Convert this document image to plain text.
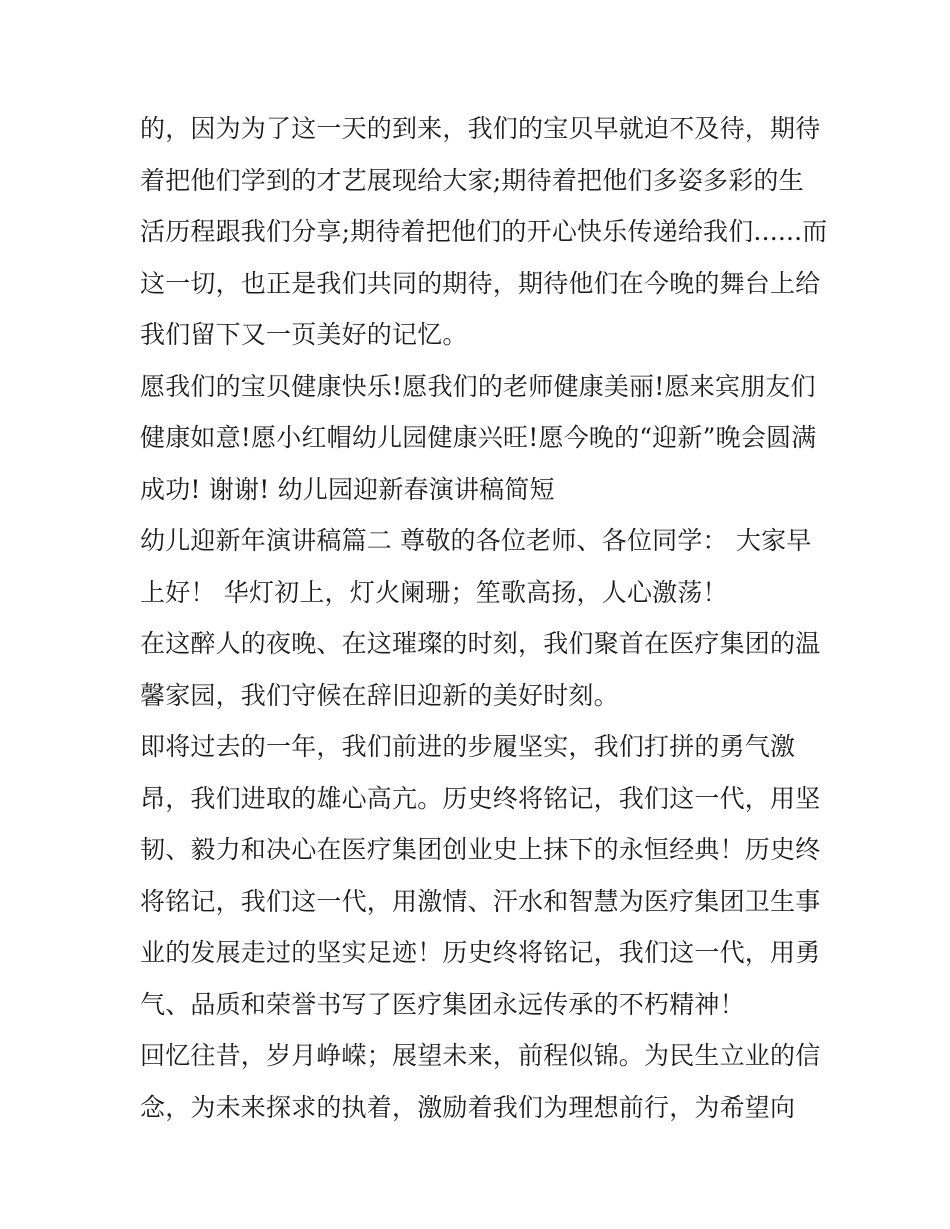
的，因为为了这一天的到来，我们的宝贝早就迫不及待，期待
着把他们学到的才艺展现给大家;期待着把他们多姿多彩的生
活历程跟我们分享;期待着把他们的开心快乐传递给我们......而
这一切，也正是我们共同的期待，期待他们在今晚的舞台上给
我们留下又一页美好的记忆。
愿我们的宝贝健康快乐!愿我们的老师健康美丽!愿来宾朋友们
健康如意!愿小红帽幼儿园健康兴旺!愿今晚的“迎新”晚会圆满
成功! 谢谢! 幼儿园迎新春演讲稿简短
幼儿迎新年演讲稿篇二 尊敬的各位老师、各位同学： 大家早
上好！ 华灯初上，灯火阑珊；笙歌高扬，人心激荡！
在这醉人的夜晚、在这璀璨的时刻，我们聚首在医疗集团的温
馨家园，我们守候在辞旧迎新的美好时刻。
即将过去的一年，我们前进的步履坚实，我们打拼的勇气激
昂，我们进取的雄心高亢。历史终将铭记，我们这一代，用坚
韧、毅力和决心在医疗集团创业史上抹下的永恒经典！历史终
将铭记，我们这一代，用激情、汗水和智慧为医疗集团卫生事
业的发展走过的坚实足迹！历史终将铭记，我们这一代，用勇
气、品质和荣誉书写了医疗集团永远传承的不朽精神！
回忆往昔，岁月峥嵘；展望未来，前程似锦。为民生立业的信
念，为未来探求的执着，激励着我们为理想前行，为希望向
